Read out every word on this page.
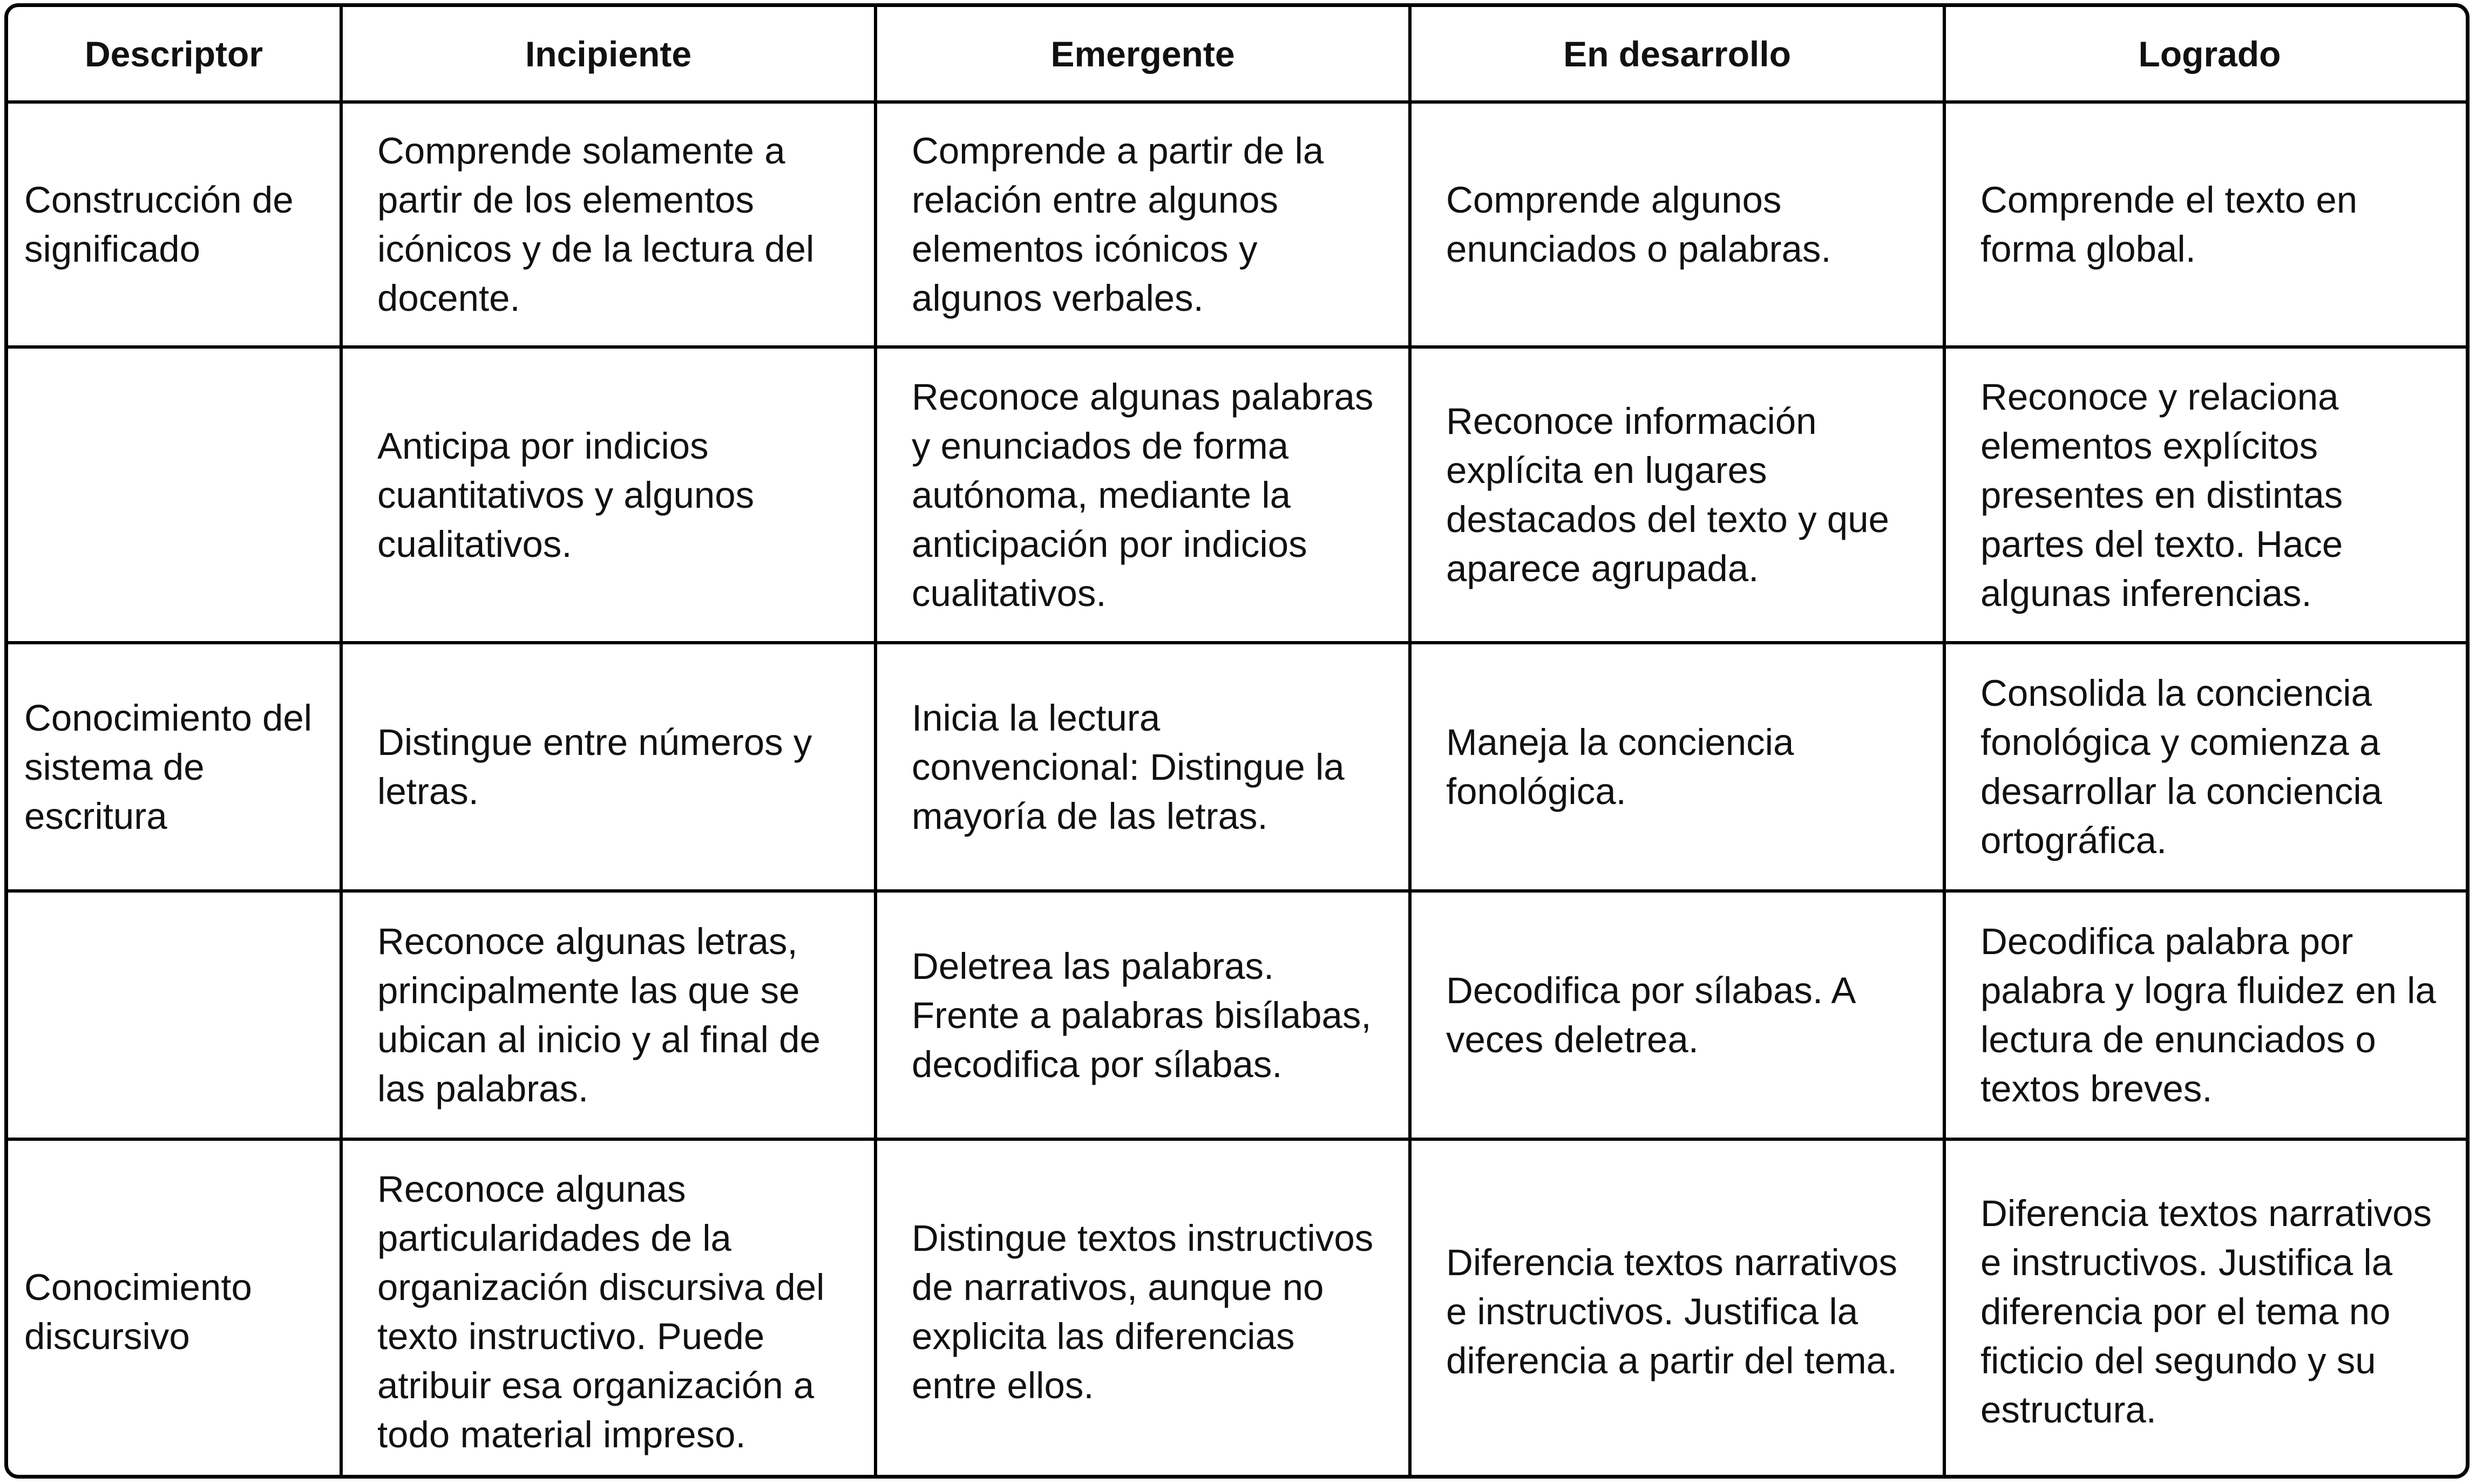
Descriptor	Incipiente	Emergente	En desarrollo	Logrado
Construcción de significado	Comprende solamente a partir de los elementos icónicos y de la lectura del docente.	Comprende a partir de la relación entre algunos elementos icónicos y algunos verbales.	Comprende algunos enunciados o palabras.	Comprende el texto en forma global.
	Anticipa por indicios cuantitativos y algunos cualitativos.	Reconoce algunas palabras y enunciados de forma autónoma, mediante la anticipación por indicios cualitativos.	Reconoce información explícita en lugares destacados del texto y que aparece agrupada.	Reconoce y relaciona elementos explícitos presentes en distintas partes del texto. Hace algunas inferencias.
Conocimiento del sistema de escritura	Distingue entre números y letras.	Inicia la lectura convencional: Distingue la mayoría de las letras.	Maneja la conciencia fonológica.	Consolida la conciencia fonológica y comienza a desarrollar la conciencia ortográfica.
	Reconoce algunas letras, principalmente las que se ubican al inicio y al final de las palabras.	Deletrea las palabras. Frente a palabras bisílabas, decodifica por sílabas.	Decodifica por sílabas. A veces deletrea.	Decodifica palabra por palabra y logra fluidez en la lectura de enunciados o textos breves.
Conocimiento discursivo	Reconoce algunas particularidades de la organización discursiva del texto instructivo. Puede atribuir esa organización a todo material impreso.	Distingue textos instructivos de narrativos, aunque no explicita las diferencias entre ellos.	Diferencia textos narrativos e instructivos. Justifica la diferencia a partir del tema.	Diferencia textos narrativos e instructivos. Justifica la diferencia por el tema no ficticio del segundo y su estructura.
